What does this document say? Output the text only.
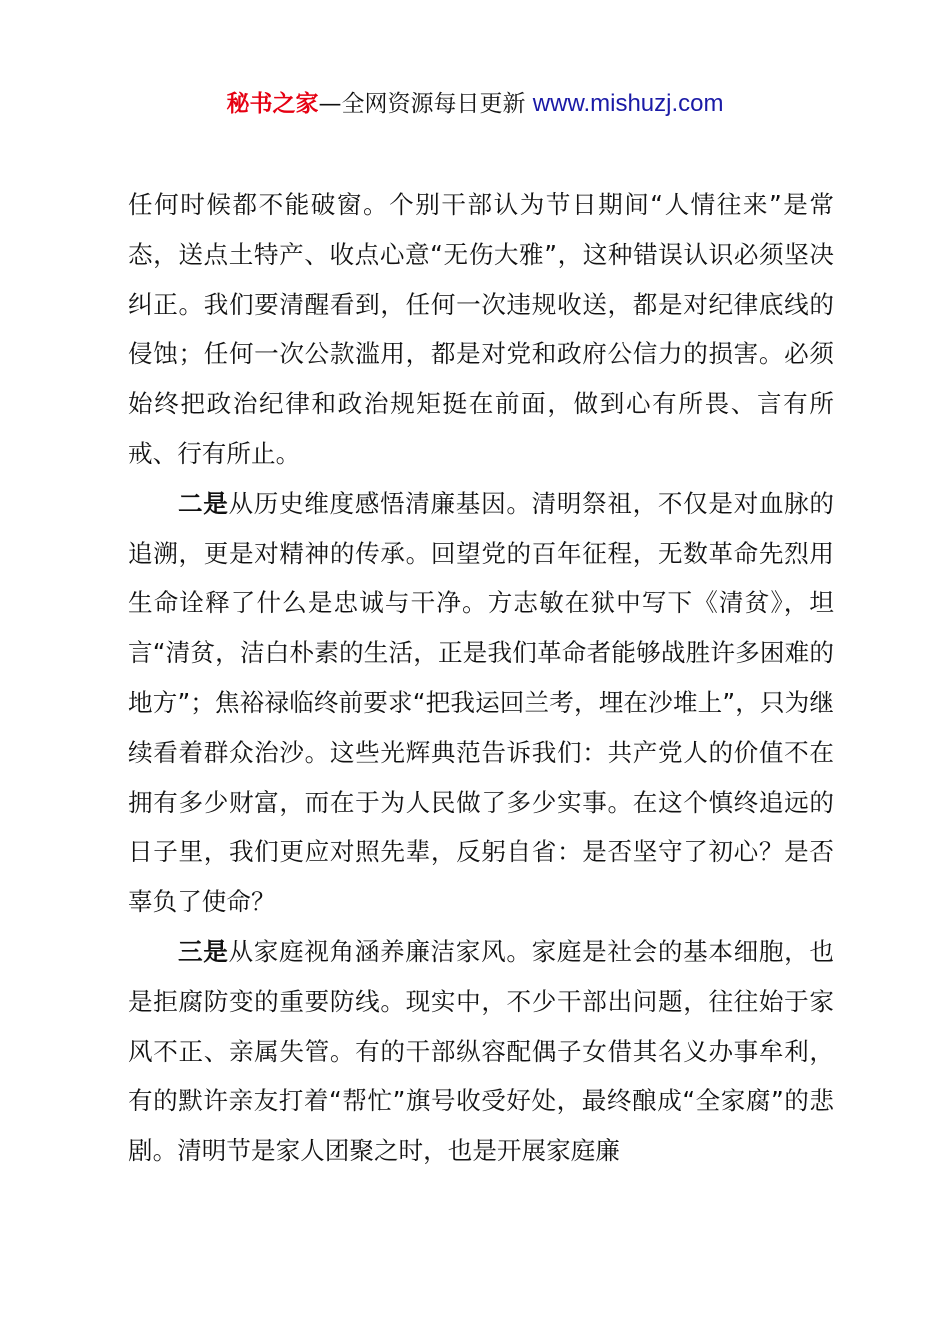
秘书之家—全网资源每日更新 www.mishuzj.com

任何时候都不能破窗。个别干部认为节日期间“人情往来”是常态，送点土特产、收点心意“无伤大雅”，这种错误认识必须坚决纠正。我们要清醒看到，任何一次违规收送，都是对纪律底线的侵蚀；任何一次公款滥用，都是对党和政府公信力的损害。必须始终把政治纪律和政治规矩挺在前面，做到心有所畏、言有所戒、行有所止。

二是从历史维度感悟清廉基因。清明祭祖，不仅是对血脉的追溯，更是对精神的传承。回望党的百年征程，无数革命先烈用生命诠释了什么是忠诚与干净。方志敏在狱中写下《清贫》，坦言“清贫，洁白朴素的生活，正是我们革命者能够战胜许多困难的地方”；焦裕禄临终前要求“把我运回兰考，埋在沙堆上”，只为继续看着群众治沙。这些光辉典范告诉我们：共产党人的价值不在拥有多少财富，而在于为人民做了多少实事。在这个慎终追远的日子里，我们更应对照先辈，反躬自省：是否坚守了初心？是否辜负了使命？

三是从家庭视角涵养廉洁家风。家庭是社会的基本细胞，也是拒腐防变的重要防线。现实中，不少干部出问题，往往始于家风不正、亲属失管。有的干部纵容配偶子女借其名义办事牟利，有的默许亲友打着“帮忙”旗号收受好处，最终酿成“全家腐”的悲剧。清明节是家人团聚之时，也是开展家庭廉
